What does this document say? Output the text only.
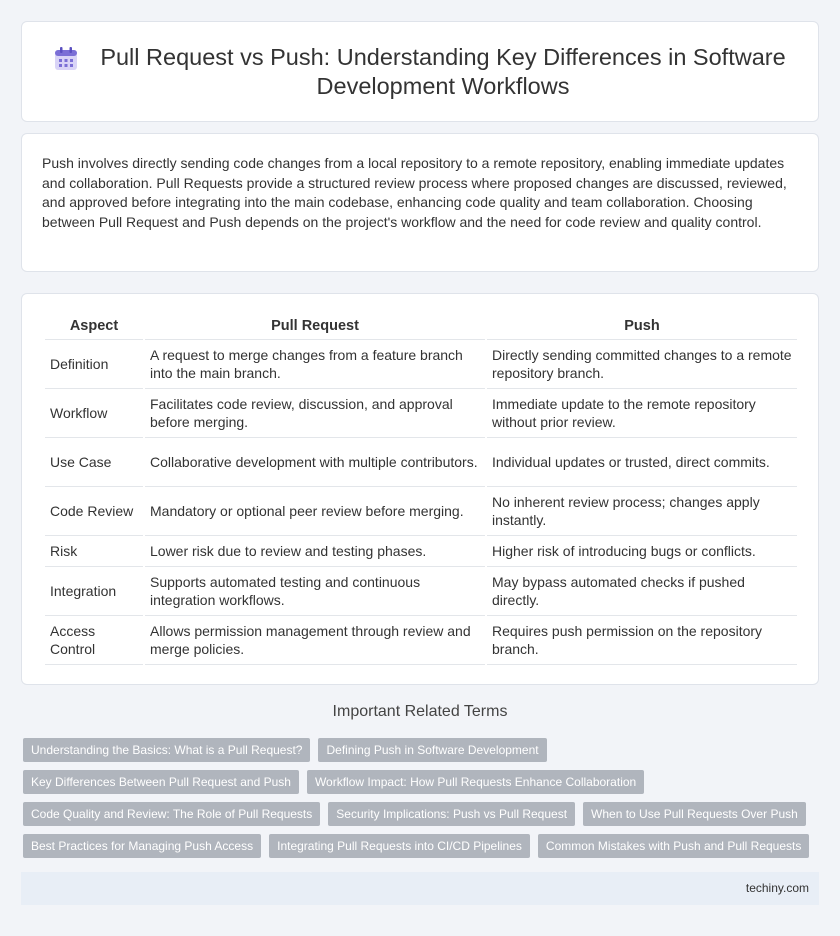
Pull Request vs Push: Understanding Key Differences in Software Development Workflows

Push involves directly sending code changes from a local repository to a remote repository, enabling immediate updates and collaboration. Pull Requests provide a structured review process where proposed changes are discussed, reviewed, and approved before integrating into the main codebase, enhancing code quality and team collaboration. Choosing between Pull Request and Push depends on the project's workflow and the need for code review and quality control.

Aspect	Pull Request	Push
Definition	A request to merge changes from a feature branch into the main branch.	Directly sending committed changes to a remote repository branch.
Workflow	Facilitates code review, discussion, and approval before merging.	Immediate update to the remote repository without prior review.
Use Case	Collaborative development with multiple contributors.	Individual updates or trusted, direct commits.
Code Review	Mandatory or optional peer review before merging.	No inherent review process; changes apply instantly.
Risk	Lower risk due to review and testing phases.	Higher risk of introducing bugs or conflicts.
Integration	Supports automated testing and continuous integration workflows.	May bypass automated checks if pushed directly.
Access Control	Allows permission management through review and merge policies.	Requires push permission on the repository branch.
Important Related Terms
Understanding the Basics: What is a Pull Request?	Defining Push in Software Development
Key Differences Between Pull Request and Push	Workflow Impact: How Pull Requests Enhance Collaboration
Code Quality and Review: The Role of Pull Requests	Security Implications: Push vs Pull Request	When to Use Pull Requests Over Push
Best Practices for Managing Push Access	Integrating Pull Requests into CI/CD Pipelines	Common Mistakes with Push and Pull Requests
techiny.com
